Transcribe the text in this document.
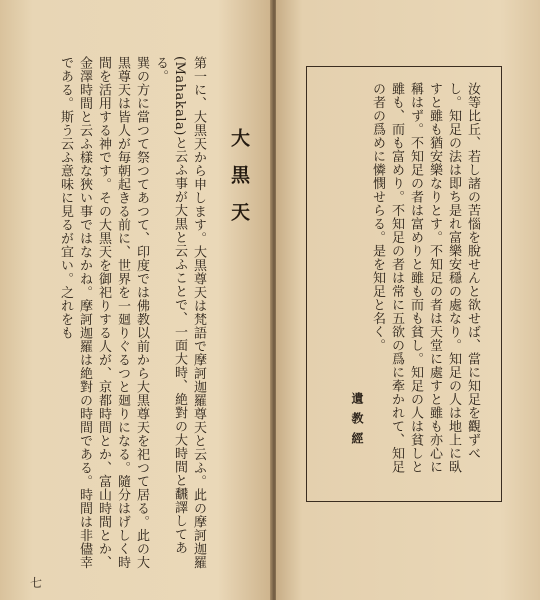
第一に、大黒天から申します。大黒尊天は梵語で摩訶迦羅尊天と云ふ。此の摩訶迦羅(Mahakala)と云ふ事が大黒と云ふことで、一面大時、絶對の大時間と飜譯してある。

巽の方に當つて祭つてあつて、印度では佛教以前から大黒尊天を祀つて居る。此の大黒尊天は皆人が毎朝起きる前に、世界を一廻りぐるつと廻りになる。隨分はげしく時間を活用する神です。その大黒天を御祀りする人が、京都時間とか、富山時間とか、金澤時間と云ふ樣な狹い事ではなかね。摩訶迦羅は絶對の時間である。時間は非儘幸である。斯う云ふ意味に見るが宜い。之れをも	大黒天
七

汝等比丘、若し諸の苦惱を脫せんと欲せば、當に知足を觀ずべし。知足の法は即ち是れ富樂安穩の處なり。知足の人は地上に臥すと雖も猶安樂なりとす。不知足の者は天堂に處すと雖も亦心に稱はず。不知足の者は富めりと雖も而も貧し。知足の人は貧しと雖も、而も富めり。不知足の者は常に五欲の爲に牽かれて、知足の者の爲めに憐憫せらる。是を知足と名く。

遺教經
